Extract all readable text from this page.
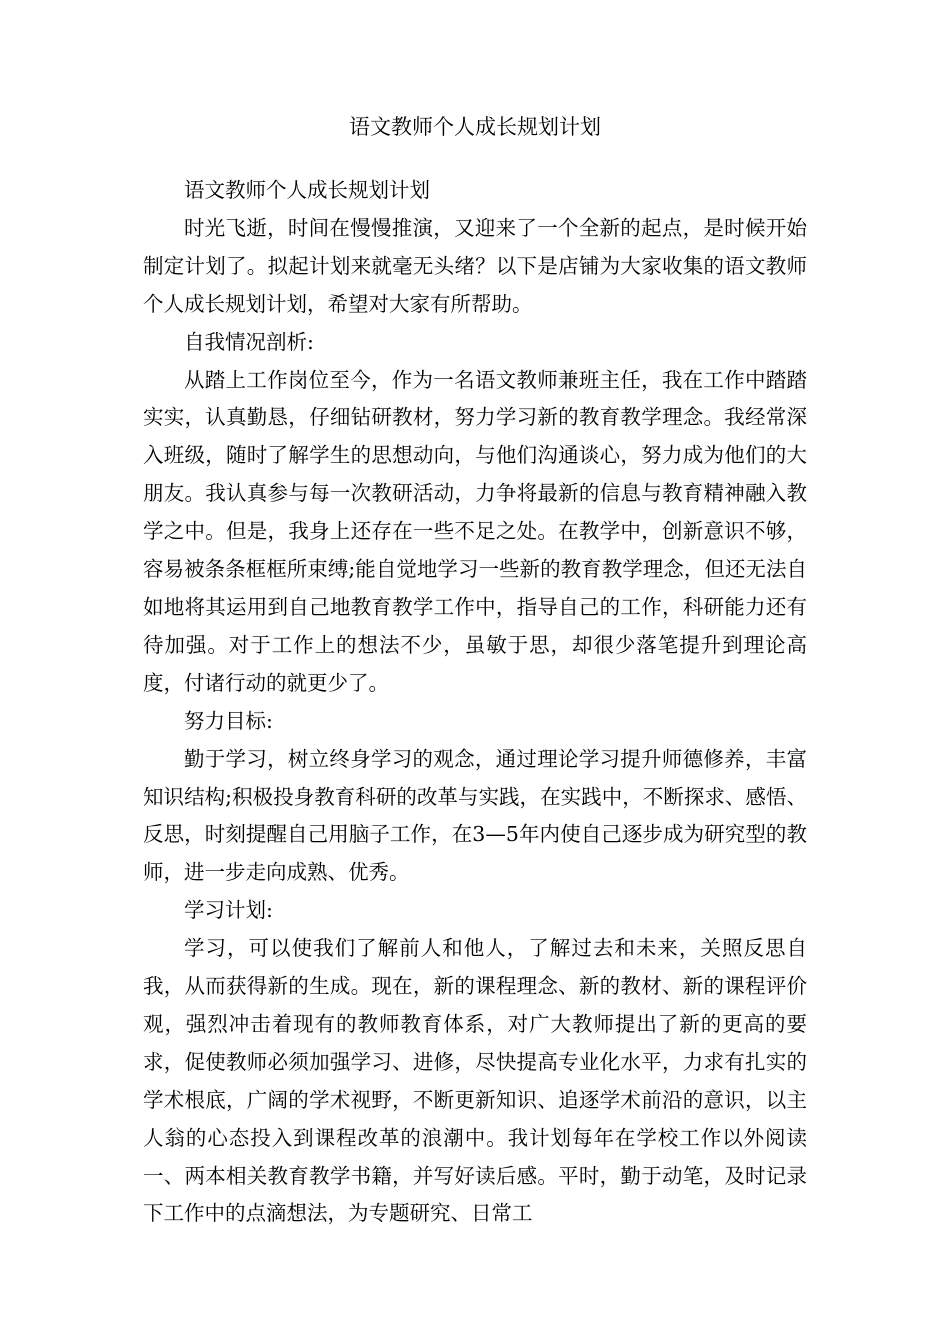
语文教师个人成长规划计划

语文教师个人成长规划计划

时光飞逝，时间在慢慢推演，又迎来了一个全新的起点，是时候开始制定计划了。拟起计划来就毫无头绪？以下是店铺为大家收集的语文教师个人成长规划计划，希望对大家有所帮助。

自我情况剖析:

从踏上工作岗位至今，作为一名语文教师兼班主任，我在工作中踏踏实实，认真勤恳，仔细钻研教材，努力学习新的教育教学理念。我经常深入班级，随时了解学生的思想动向，与他们沟通谈心，努力成为他们的大朋友。我认真参与每一次教研活动，力争将最新的信息与教育精神融入教学之中。但是，我身上还存在一些不足之处。在教学中，创新意识不够，容易被条条框框所束缚;能自觉地学习一些新的教育教学理念，但还无法自如地将其运用到自己地教育教学工作中，指导自己的工作，科研能力还有待加强。对于工作上的想法不少，虽敏于思，却很少落笔提升到理论高度，付诸行动的就更少了。

努力目标:

勤于学习，树立终身学习的观念，通过理论学习提升师德修养，丰富知识结构;积极投身教育科研的改革与实践，在实践中，不断探求、感悟、反思，时刻提醒自己用脑子工作，在3—5年内使自己逐步成为研究型的教师，进一步走向成熟、优秀。

学习计划:

学习，可以使我们了解前人和他人，了解过去和未来，关照反思自我，从而获得新的生成。现在，新的课程理念、新的教材、新的课程评价观，强烈冲击着现有的教师教育体系，对广大教师提出了新的更高的要求，促使教师必须加强学习、进修，尽快提高专业化水平，力求有扎实的学术根底，广阔的学术视野，不断更新知识、追逐学术前沿的意识，以主人翁的心态投入到课程改革的浪潮中。我计划每年在学校工作以外阅读一、两本相关教育教学书籍，并写好读后感。平时，勤于动笔，及时记录下工作中的点滴想法，为专题研究、日常工
